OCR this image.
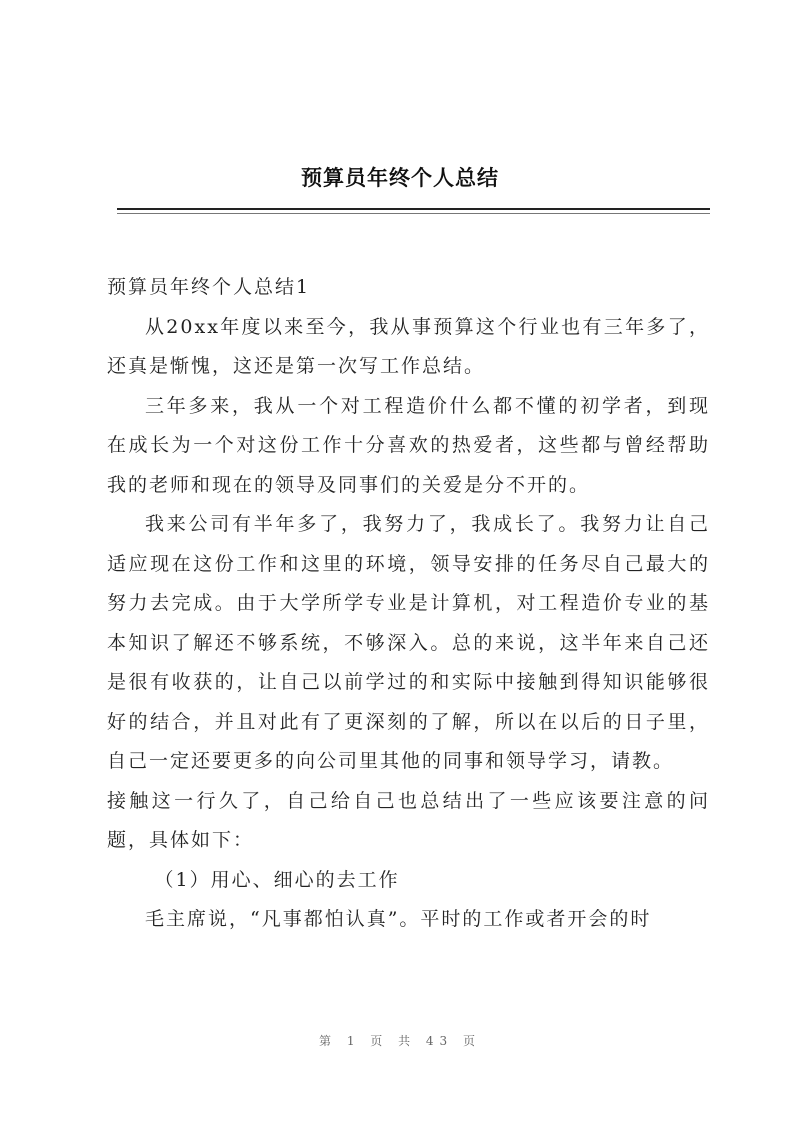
预算员年终个人总结

预算员年终个人总结1

从20xx年度以来至今，我从事预算这个行业也有三年多了，还真是惭愧，这还是第一次写工作总结。

三年多来，我从一个对工程造价什么都不懂的初学者，到现在成长为一个对这份工作十分喜欢的热爱者，这些都与曾经帮助我的老师和现在的领导及同事们的关爱是分不开的。

我来公司有半年多了，我努力了，我成长了。我努力让自己适应现在这份工作和这里的环境，领导安排的任务尽自己最大的努力去完成。由于大学所学专业是计算机，对工程造价专业的基本知识了解还不够系统，不够深入。总的来说，这半年来自己还是很有收获的，让自己以前学过的和实际中接触到得知识能够很好的结合，并且对此有了更深刻的了解，所以在以后的日子里，自己一定还要更多的向公司里其他的同事和领导学习，请教。

接触这一行久了，自己给自己也总结出了一些应该要注意的问题，具体如下：

（1）用心、细心的去工作

毛主席说，“凡事都怕认真”。平时的工作或者开会的时

第 1 页 共 43 页
